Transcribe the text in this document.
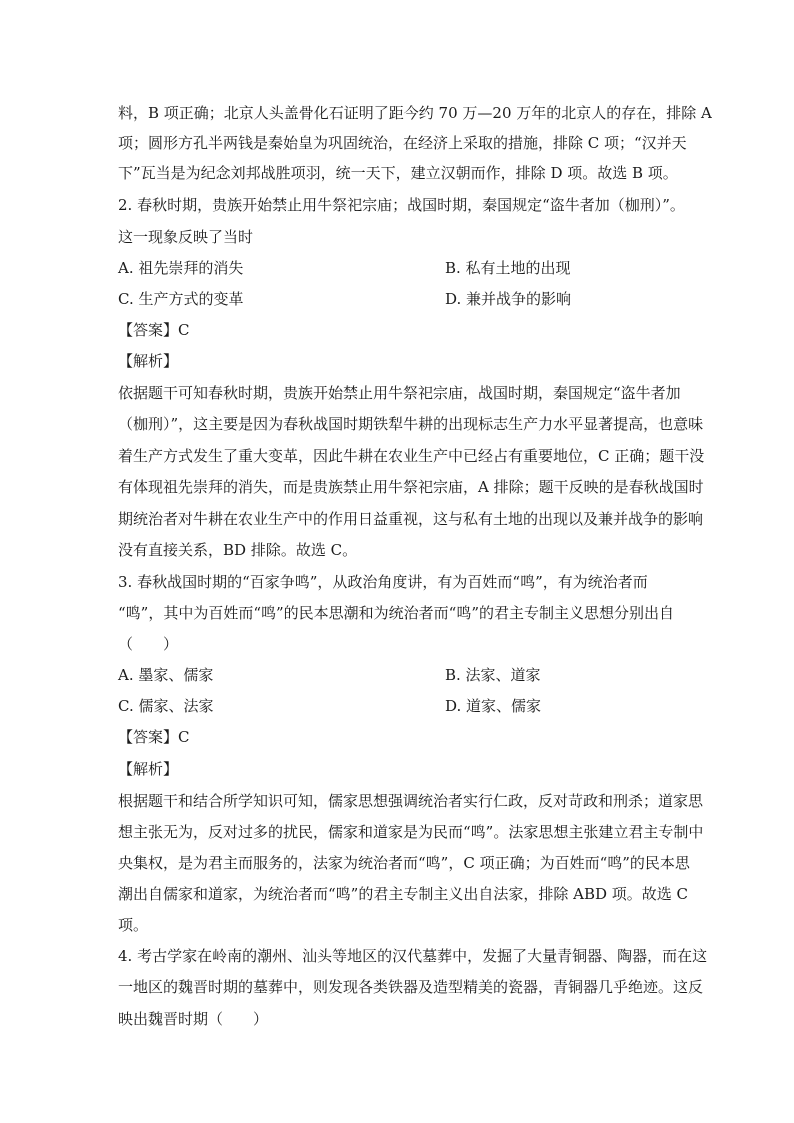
料，B 项正确；北京人头盖骨化石证明了距今约 70 万—20 万年的北京人的存在，排除 A
项；圆形方孔半两钱是秦始皇为巩固统治，在经济上采取的措施，排除 C 项；“汉并天
下”瓦当是为纪念刘邦战胜项羽，统一天下，建立汉朝而作，排除 D 项。故选 B 项。
2. 春秋时期，贵族开始禁止用牛祭祀宗庙；战国时期，秦国规定“盗牛者加（枷刑）”。
这一现象反映了当时
A. 祖先崇拜的消失	B. 私有土地的出现
C. 生产方式的变革	D. 兼并战争的影响
【答案】C
【解析】
依据题干可知春秋时期，贵族开始禁止用牛祭祀宗庙，战国时期，秦国规定“盗牛者加
（枷刑）”，这主要是因为春秋战国时期铁犁牛耕的出现标志生产力水平显著提高，也意味
着生产方式发生了重大变革，因此牛耕在农业生产中已经占有重要地位，C 正确；题干没
有体现祖先崇拜的消失，而是贵族禁止用牛祭祀宗庙，A 排除；题干反映的是春秋战国时
期统治者对牛耕在农业生产中的作用日益重视，这与私有土地的出现以及兼并战争的影响
没有直接关系，BD 排除。故选 C。
3. 春秋战国时期的“百家争鸣”，从政治角度讲，有为百姓而“鸣”，有为统治者而
“鸣”，其中为百姓而“鸣”的民本思潮和为统治者而“鸣”的君主专制主义思想分别出自
（　　）
A. 墨家、儒家	B. 法家、道家
C. 儒家、法家	D. 道家、儒家
【答案】C
【解析】
根据题干和结合所学知识可知，儒家思想强调统治者实行仁政，反对苛政和刑杀；道家思
想主张无为，反对过多的扰民，儒家和道家是为民而“鸣”。法家思想主张建立君主专制中
央集权，是为君主而服务的，法家为统治者而“鸣”，C 项正确；为百姓而“鸣”的民本思
潮出自儒家和道家，为统治者而“鸣”的君主专制主义出自法家，排除 ABD 项。故选 C
项。
4. 考古学家在岭南的潮州、汕头等地区的汉代墓葬中，发掘了大量青铜器、陶器，而在这
一地区的魏晋时期的墓葬中，则发现各类铁器及造型精美的瓷器，青铜器几乎绝迹。这反
映出魏晋时期（　　）
